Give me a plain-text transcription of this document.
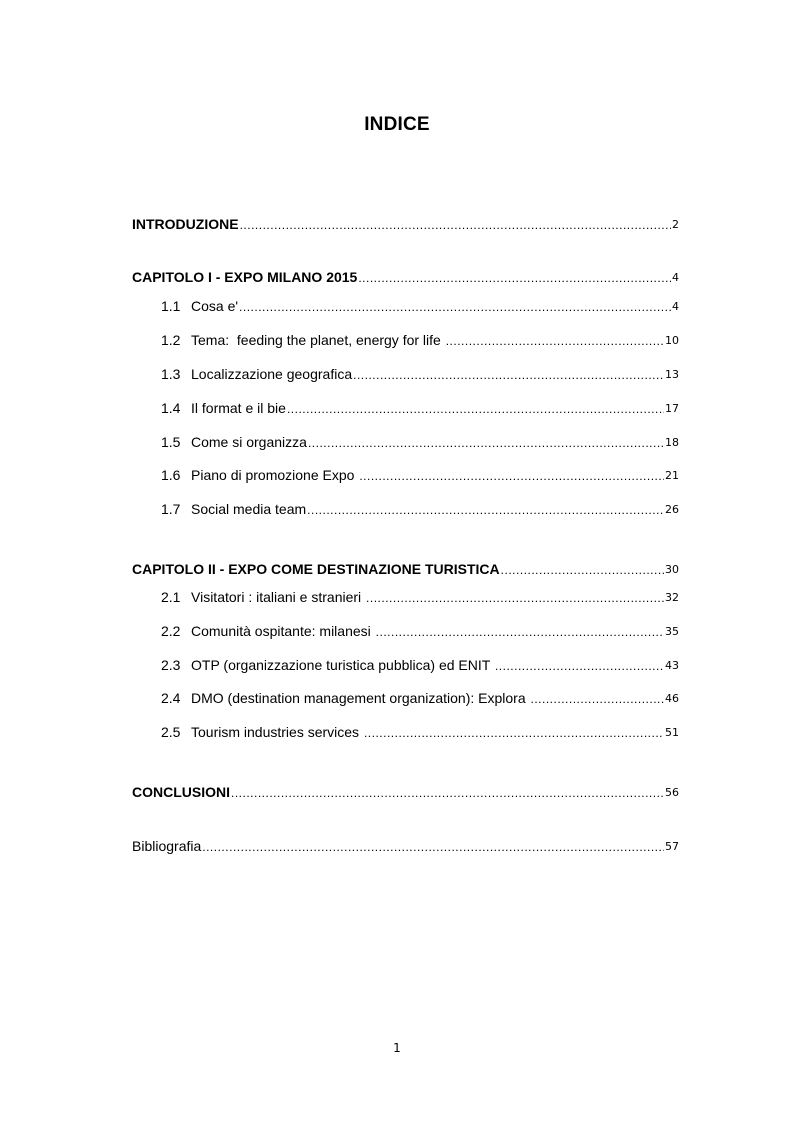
INDICE
INTRODUZIONE .....	2
CAPITOLO I - EXPO MILANO 2015 .....	4
1.1 Cosa e' .....	4
1.2 Tema:  feeding the planet, energy for life .....	10
1.3 Localizzazione geografica .....	13
1.4 Il format e il bie .....	17
1.5 Come si organizza .....	18
1.6 Piano di promozione Expo .....	21
1.7 Social media team .....	26
CAPITOLO II - EXPO COME DESTINAZIONE TURISTICA .....	30
2.1 Visitatori : italiani e stranieri .....	32
2.2 Comunità ospitante: milanesi .....	35
2.3 OTP (organizzazione turistica pubblica) ed ENIT .....	43
2.4 DMO (destination management organization): Explora .....	46
2.5 Tourism industries services .....	51
CONCLUSIONI .....	56
Bibliografia .....	57
1
